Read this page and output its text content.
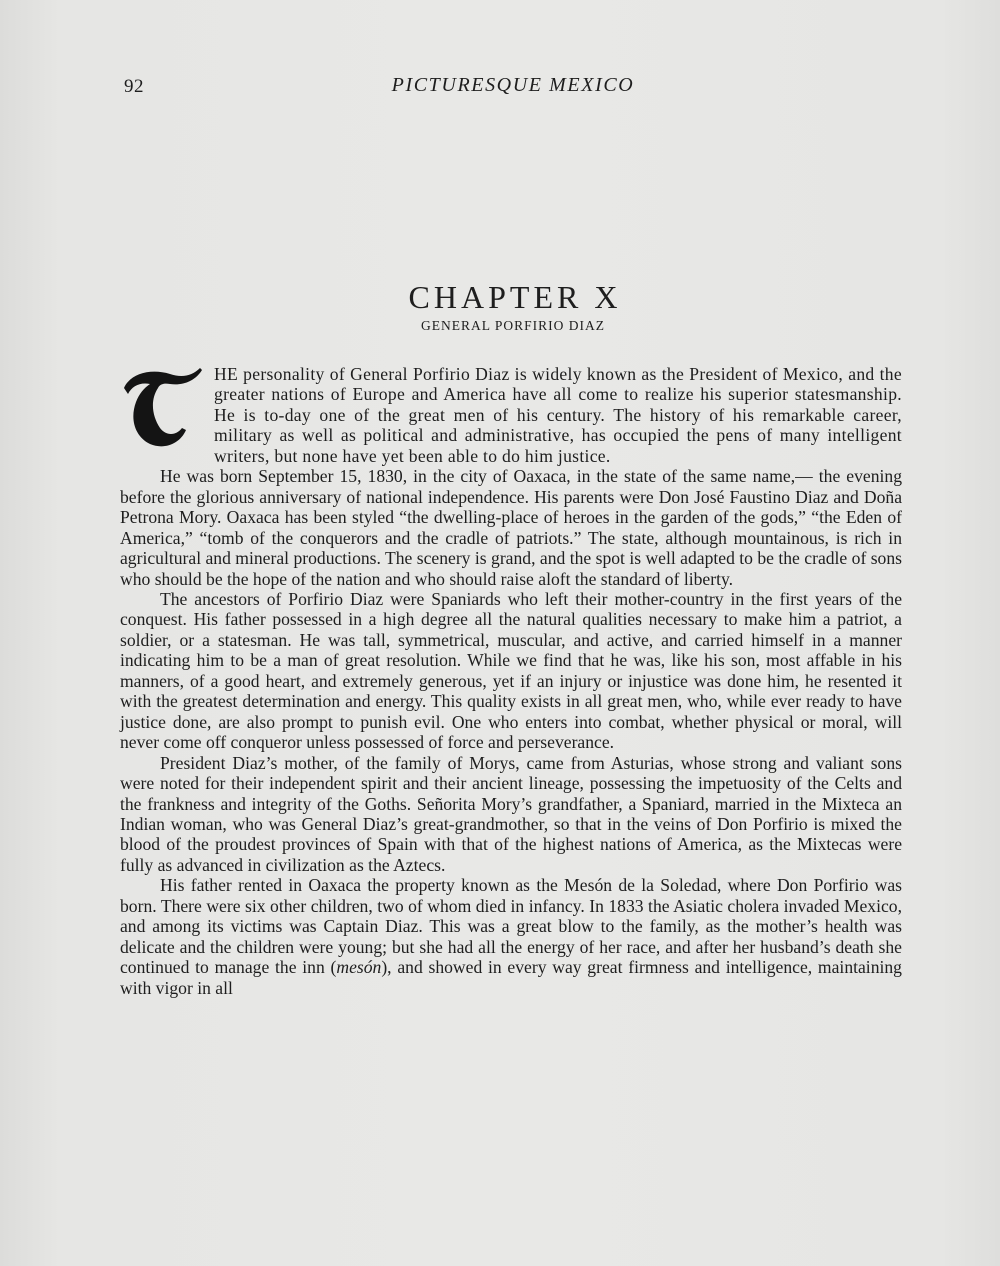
92	PICTURESQUE MEXICO
CHAPTER X
GENERAL PORFIRIO DIAZ

HE personality of General Porfirio Diaz is widely known as the President of Mexico, and the greater nations of Europe and America have all come to realize his superior statesmanship. He is to-day one of the great men of his century. The history of his remarkable career, military as well as political and administrative, has occupied the pens of many intelligent writers, but none have yet been able to do him justice.

He was born September 15, 1830, in the city of Oaxaca, in the state of the same name,— the evening before the glorious anniversary of national independence. His parents were Don José Faustino Diaz and Doña Petrona Mory. Oaxaca has been styled “the dwelling-place of heroes in the garden of the gods,” “the Eden of America,” “tomb of the conquerors and the cradle of patriots.” The state, although mountainous, is rich in agricultural and mineral productions. The scenery is grand, and the spot is well adapted to be the cradle of sons who should be the hope of the nation and who should raise aloft the standard of liberty.

The ancestors of Porfirio Diaz were Spaniards who left their mother-country in the first years of the conquest. His father possessed in a high degree all the natural qualities necessary to make him a patriot, a soldier, or a statesman. He was tall, symmetrical, muscular, and active, and carried himself in a manner indicating him to be a man of great resolution. While we find that he was, like his son, most affable in his manners, of a good heart, and extremely generous, yet if an injury or injustice was done him, he resented it with the greatest determination and energy. This quality exists in all great men, who, while ever ready to have justice done, are also prompt to punish evil. One who enters into combat, whether physical or moral, will never come off conqueror unless possessed of force and perseverance.

President Diaz’s mother, of the family of Morys, came from Asturias, whose strong and valiant sons were noted for their independent spirit and their ancient lineage, possessing the impetuosity of the Celts and the frankness and integrity of the Goths. Señorita Mory’s grandfather, a Spaniard, married in the Mixteca an Indian woman, who was General Diaz’s great-grandmother, so that in the veins of Don Porfirio is mixed the blood of the proudest provinces of Spain with that of the highest nations of America, as the Mixtecas were fully as advanced in civilization as the Aztecs.

His father rented in Oaxaca the property known as the Mesón de la Soledad, where Don Porfirio was born. There were six other children, two of whom died in infancy. In 1833 the Asiatic cholera invaded Mexico, and among its victims was Captain Diaz. This was a great blow to the family, as the mother’s health was delicate and the children were young; but she had all the energy of her race, and after her husband’s death she continued to manage the inn (mesón), and showed in every way great firmness and intelligence, maintaining with vigor in all
